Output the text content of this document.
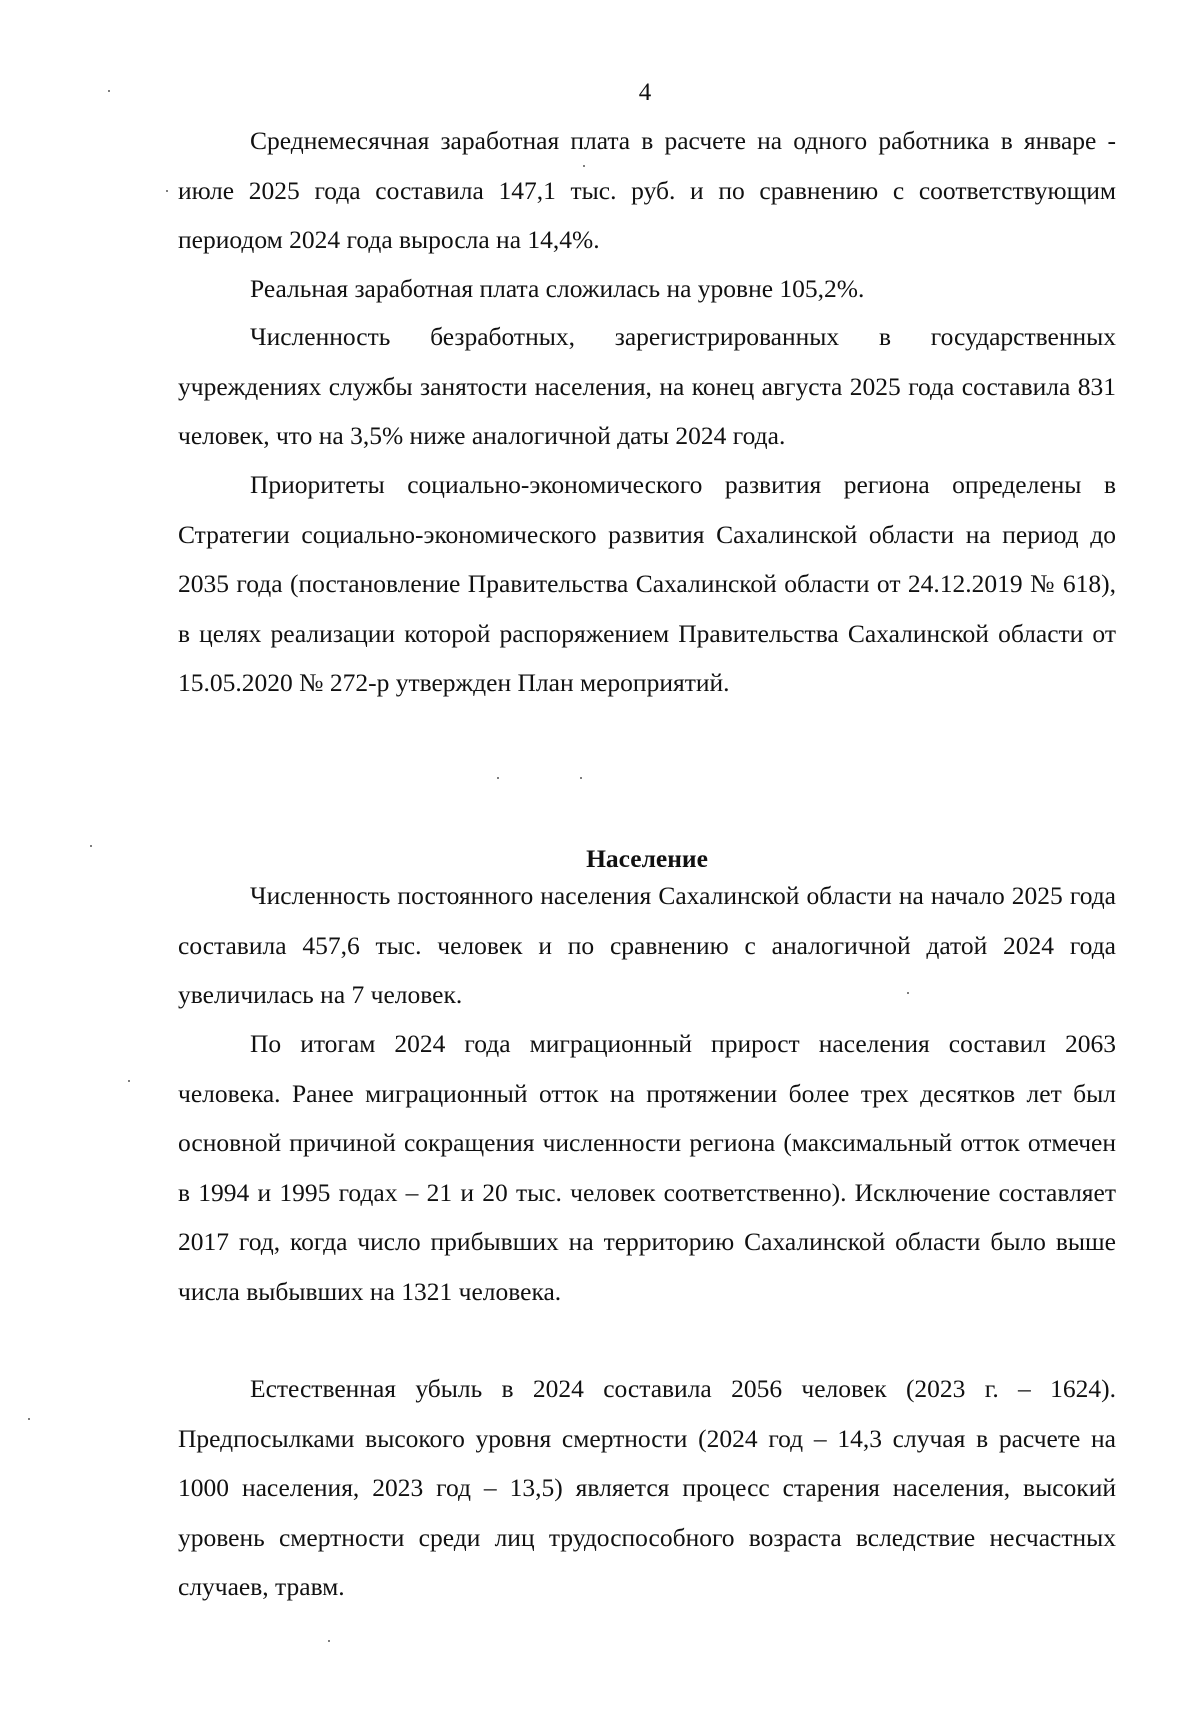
4

Среднемесячная заработная плата в расчете на одного работника в январе - июле 2025 года составила 147,1 тыс. руб. и по сравнению с соответствующим периодом 2024 года выросла на 14,4%.

Реальная заработная плата сложилась на уровне 105,2%.

Численность безработных, зарегистрированных в государственных учреждениях службы занятости населения, на конец августа 2025 года составила 831 человек, что на 3,5% ниже аналогичной даты 2024 года.

Приоритеты социально-экономического развития региона определены в Стратегии социально-экономического развития Сахалинской области на период до 2035 года (постановление Правительства Сахалинской области от 24.12.2019 № 618), в целях реализации которой распоряжением Правительства Сахалинской области от 15.05.2020 № 272-р утвержден План мероприятий.

Население

Численность постоянного населения Сахалинской области на начало 2025 года составила 457,6 тыс. человек и по сравнению с аналогичной датой 2024 года увеличилась на 7 человек.

По итогам 2024 года миграционный прирост населения составил 2063 человека. Ранее миграционный отток на протяжении более трех десятков лет был основной причиной сокращения численности региона (максимальный отток отмечен в 1994 и 1995 годах – 21 и 20 тыс. человек соответственно). Исключение составляет 2017 год, когда число прибывших на территорию Сахалинской области было выше числа выбывших на 1321 человека.

Естественная убыль в 2024 составила 2056 человек (2023 г. – 1624). Предпосылками высокого уровня смертности (2024 год – 14,3 случая в расчете на 1000 населения, 2023 год – 13,5) является процесс старения населения, высокий уровень смертности среди лиц трудоспособного возраста вследствие несчастных случаев, травм.
